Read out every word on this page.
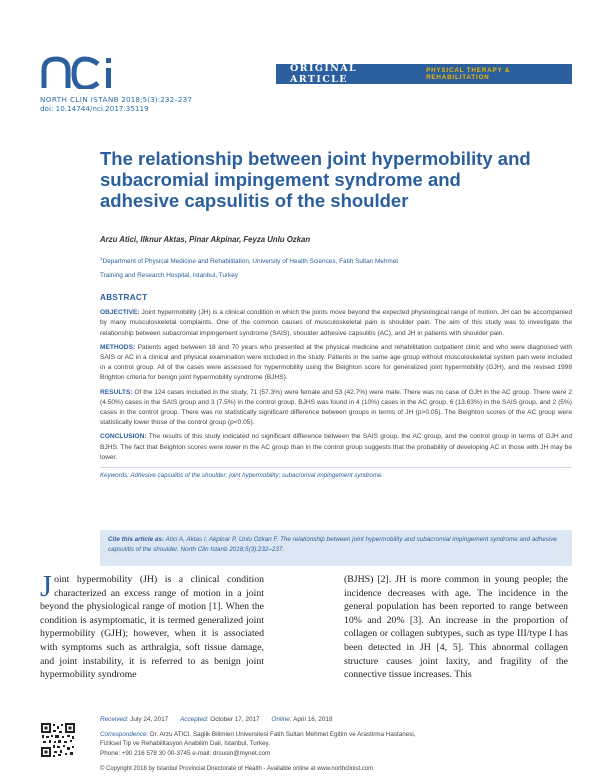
NORTH CLIN ISTANB 2018;5(3):232–237
doi: 10.14744/nci.2017.35119
ORIGINAL ARTICLE
PHYSICAL THERAPY & REHABILITATION
The relationship between joint hypermobility and subacromial impingement syndrome and adhesive capsulitis of the shoulder
Arzu Atici, Ilknur Aktas, Pinar Akpinar, Feyza Unlu Ozkan
$^1$Department of Physical Medicine and Rehabilitation, University of Health Sciences, Fatih Sultan Mehmet
Training and Research Hospital, Istanbul, Turkey
ABSTRACT

OBJECTIVE: Joint hypermobility (JH) is a clinical condition in which the joints move beyond the expected physiological range of motion. JH can be accompanied by many musculoskeletal complaints. One of the common causes of musculoskeletal pain is shoulder pain. The aim of this study was to investigate the relationship between subacromial impingement syndrome (SAIS), shoulder adhesive capsulitis (AC), and JH in patients with shoulder pain.

METHODS: Patients aged between 18 and 70 years who presented at the physical medicine and rehabilitation outpatient clinic and who were diagnosed with SAIS or AC in a clinical and physical examination were included in the study. Patients in the same age group without musculoskeletal system pain were included in a control group. All of the cases were assessed for hypermobility using the Beighton score for generalized joint hypermobility (GJH), and the revised 1998 Brighton criteria for benign joint hypermobility syndrome (BJHS).

RESULTS: Of the 124 cases included in the study, 71 (57.3%) were female and 53 (42.7%) were male. There was no case of GJH in the AC group. There were 2 (4.50%) cases in the SAIS group and 3 (7.5%) in the control group. BJHS was found in 4 (10%) cases in the AC group, 6 (13.63%) in the SAIS group, and 2 (5%) cases in the control group. There was no statistically significant difference between groups in terms of JH (p>0.05). The Beighton scores of the AC group were statistically lower those of the control group (p<0.05).

CONCLUSION: The results of this study indicated no significant difference between the SAIS group, the AC group, and the control group in terms of GJH and BJHS. The fact that Beighton scores were lower in the AC group than in the control group suggests that the probability of developing AC in those with JH may be lower.

Keywords: Adhesive capsulitis of the shoulder; joint hypermobility; subacromial impingement syndrome.

Cite this article as: Atici A, Aktas I, Akpinar P, Unlu Ozkan F. The relationship between joint hypermobility and subacromial impingement syndrome and adhesive capsulitis of the shoulder. North Clin Istanb 2018;5(3):232–237.
Joint hypermobility (JH) is a clinical condition characterized an excess range of motion in a joint beyond the physiological range of motion [1]. When the condition is asymptomatic, it is termed generalized joint hypermobility (GJH); however, when it is associated with symptoms such as arthralgia, soft tissue damage, and joint instability, it is referred to as benign joint hypermobility syndrome
(BJHS) [2]. JH is more common in young people; the incidence decreases with age. The incidence in the general population has been reported to range between 10% and 20% [3]. An increase in the proportion of collagen or collagen subtypes, such as type III/type I has been detected in JH [4, 5]. This abnormal collagen structure causes joint laxity, and fragility of the connective tissue increases. This
Received: July 24, 2017 Accepted: October 17, 2017 Online: April 16, 2018
Correspondence: Dr. Arzu ATICI. Saglik Bilimleri Universitesi Fatih Sultan Mehmet Egitim ve Arastirma Hastanesi,
Fiziksel Tip ve Rehabilitasyon Anabilim Dali, Istanbul, Turkey.
Phone: +90 216 578 30 00-3745 e-mail: drsusin@mynet.com
© Copyright 2018 by Istanbul Provincial Directorate of Health - Available online at www.northclinist.com
